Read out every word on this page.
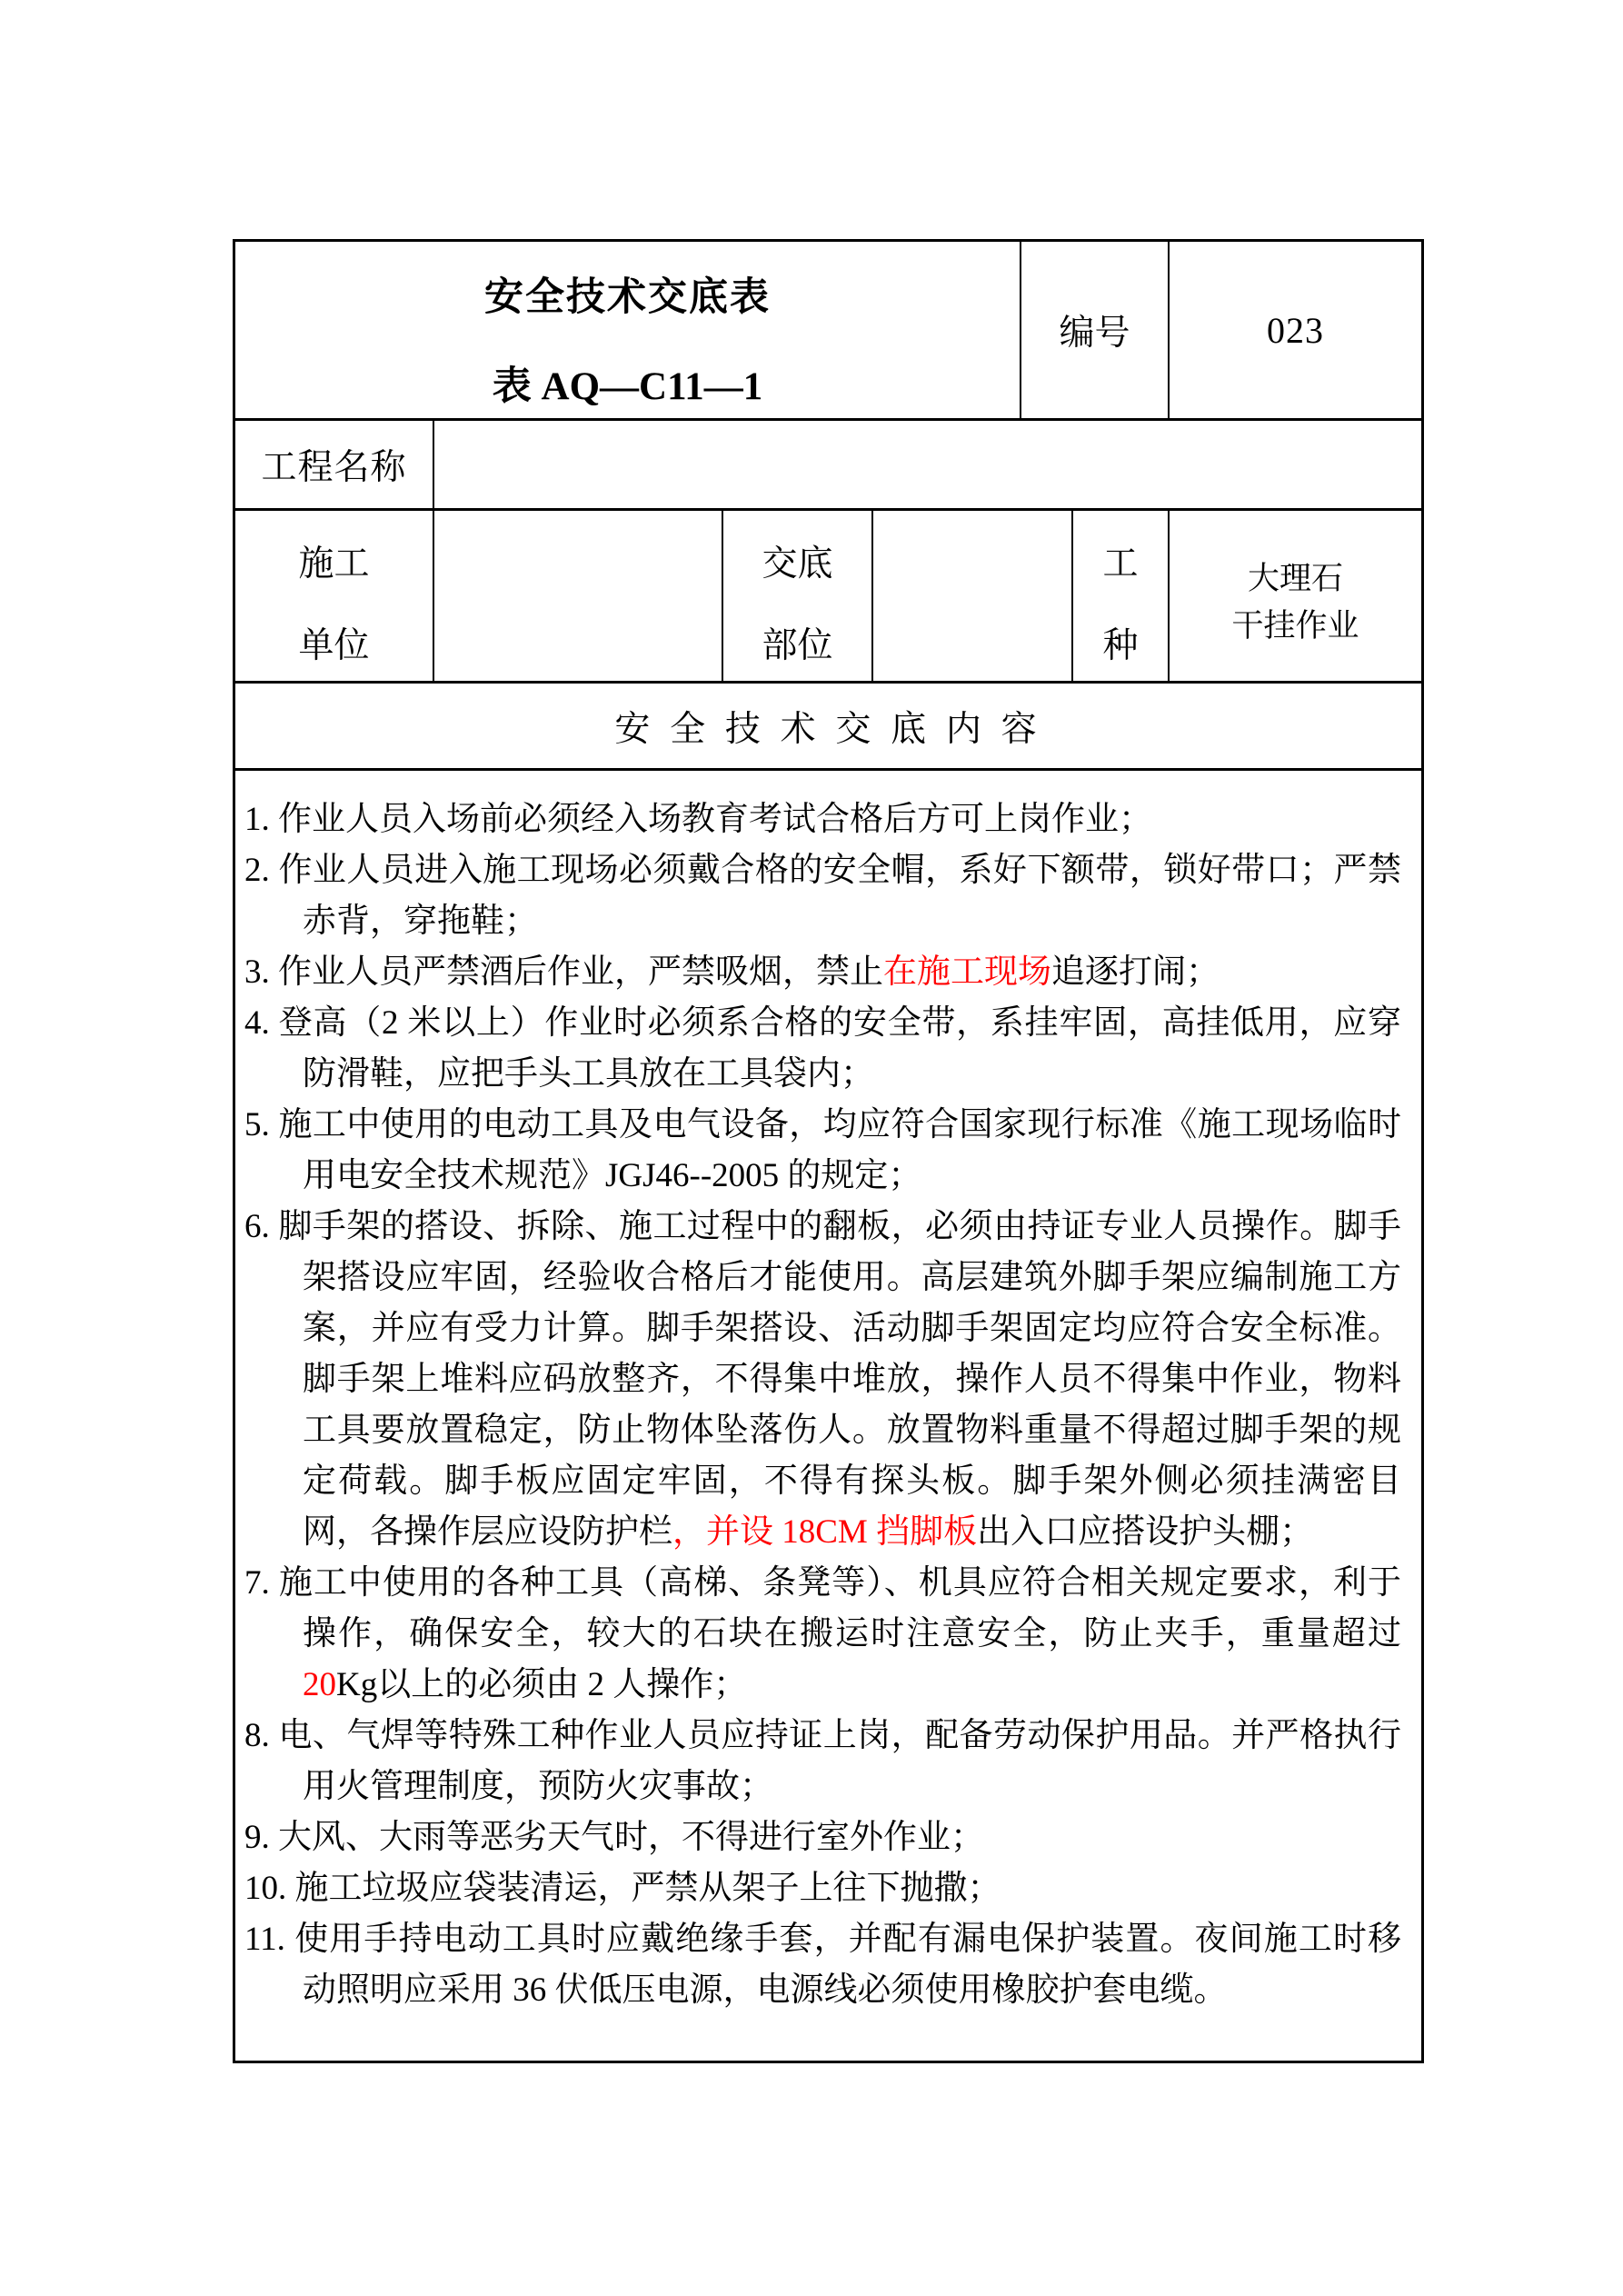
安全技术交底表
表 AQ—C11—1
编号	023
工程名称
施工
单位
交底
部位
工
种
大理石
干挂作业
安 全 技 术 交 底 内 容
1. 作业人员入场前必须经入场教育考试合格后方可上岗作业；
2. 作业人员进入施工现场必须戴合格的安全帽，系好下额带，锁好带口；严禁赤背，穿拖鞋；
3. 作业人员严禁酒后作业，严禁吸烟，禁止在施工现场追逐打闹；
4. 登高（2 米以上）作业时必须系合格的安全带，系挂牢固，高挂低用，应穿防滑鞋，应把手头工具放在工具袋内；
5. 施工中使用的电动工具及电气设备，均应符合国家现行标准《施工现场临时用电安全技术规范》JGJ46--2005 的规定；
6. 脚手架的搭设、拆除、施工过程中的翻板，必须由持证专业人员操作。脚手架搭设应牢固，经验收合格后才能使用。高层建筑外脚手架应编制施工方案，并应有受力计算。脚手架搭设、活动脚手架固定均应符合安全标准。脚手架上堆料应码放整齐，不得集中堆放，操作人员不得集中作业，物料工具要放置稳定，防止物体坠落伤人。放置物料重量不得超过脚手架的规定荷载。脚手板应固定牢固，不得有探头板。脚手架外侧必须挂满密目网，各操作层应设防护栏，并设 18CM 挡脚板出入口应搭设护头棚；
7. 施工中使用的各种工具（高梯、条凳等）、机具应符合相关规定要求，利于操作，确保安全，较大的石块在搬运时注意安全，防止夹手，重量超过 20Kg以上的必须由 2 人操作；
8. 电、气焊等特殊工种作业人员应持证上岗，配备劳动保护用品。并严格执行用火管理制度，预防火灾事故；
9. 大风、大雨等恶劣天气时，不得进行室外作业；
10. 施工垃圾应袋装清运，严禁从架子上往下抛撒；
11. 使用手持电动工具时应戴绝缘手套，并配有漏电保护装置。夜间施工时移动照明应采用 36 伏低压电源，电源线必须使用橡胶护套电缆。
